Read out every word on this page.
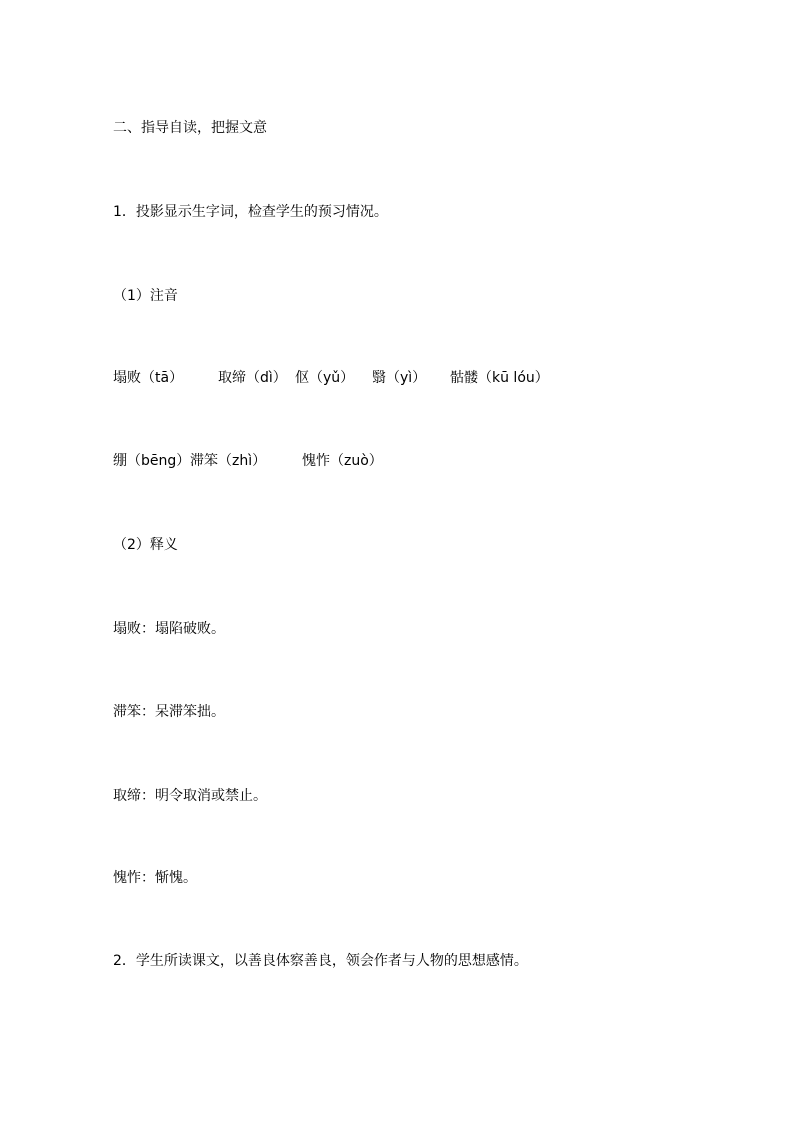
二、指导自读，把握文意
1．投影显示生字词，检查学生的预习情况。
（1）注音
塌败（tā） 取缔（dì） 伛（yǔ） 翳（yì） 骷髅（kū lóu）
绷（bēng） 滞笨（zhì）	愧怍（zuò）
（2）释义
塌败：塌陷破败。
滞笨：呆滞笨拙。
取缔：明令取消或禁止。
愧怍：惭愧。
2．学生所读课文，以善良体察善良，领会作者与人物的思想感情。
